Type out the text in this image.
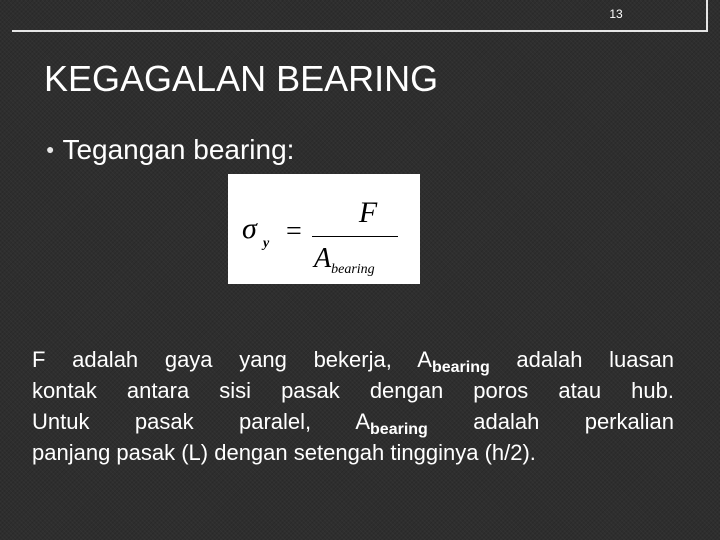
13
KEGAGALAN BEARING
● Tegangan bearing:
σ y =
F
$A_{bearing}$
F adalah gaya yang bekerja, $A_{bearing}$ adalah luasan
kontak antara sisi pasak dengan poros atau hub.
Untuk pasak paralel, $A_{bearing}$ adalah perkalian
panjang pasak (L) dengan setengah tingginya (h/2).
